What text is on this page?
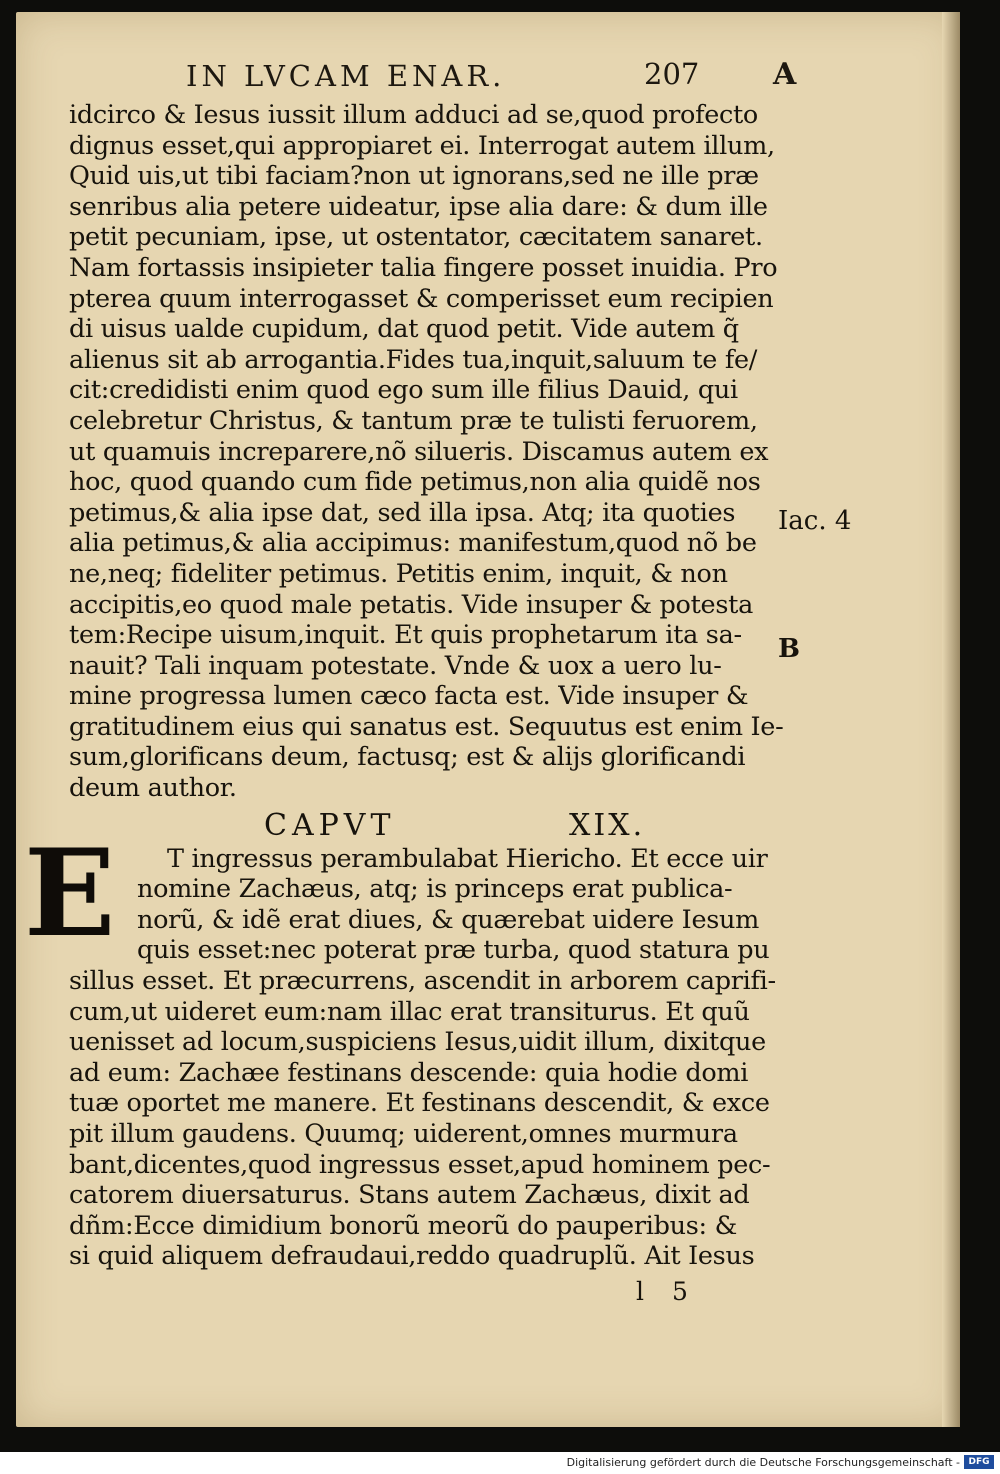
IN LVCAM ENAR.	207 A
idcirco & Iesus iussit illum adduci ad se,quod profecto
dignus esset,qui appropiaret ei. Interrogat autem illum,
Quid uis,ut tibi faciam?non ut ignorans,sed ne ille præ
senribus alia petere uideatur, ipse alia dare: & dum ille
petit pecuniam, ipse, ut ostentator, cæcitatem sanaret.
Nam fortassis insipieter talia fingere posset inuidia. Pro
pterea quum interrogasset & comperisset eum recipien
di uisus ualde cupidum, dat quod petit. Vide autem q̃
alienus sit ab arrogantia.Fides tua,inquit,saluum te fe/
cit:credidisti enim quod ego sum ille filius Dauid, qui
celebretur Christus, & tantum præ te tulisti feruorem,
ut quamuis increparere,nõ silueris. Discamus autem ex
hoc, quod quando cum fide petimus,non alia quidẽ nos
petimus,& alia ipse dat, sed illa ipsa. Atq; ita quoties
alia petimus,& alia accipimus: manifestum,quod nõ be
ne,neq; fideliter petimus. Petitis enim, inquit, & non
accipitis,eo quod male petatis. Vide insuper & potesta
tem:Recipe uisum,inquit. Et quis prophetarum ita sa-
nauit? Tali inquam potestate. Vnde & uox a uero lu-
mine progressa lumen cæco facta est. Vide insuper &
gratitudinem eius qui sanatus est. Sequutus est enim Ie-
sum,glorificans deum, factusq; est & alijs glorificandi
deum author.
CAPVT	XIX.
T ingressus perambulabat Hiericho. Et ecce uir
nomine Zachæus, atq; is princeps erat publica-
norũ, & idẽ erat diues, & quærebat uidere Iesum
quis esset:nec poterat præ turba, quod statura pu
sillus esset. Et præcurrens, ascendit in arborem caprifi-
cum,ut uideret eum:nam illac erat transiturus. Et quũ
uenisset ad locum,suspiciens Iesus,uidit illum, dixitque
ad eum: Zachæe festinans descende: quia hodie domi
tuæ oportet me manere. Et festinans descendit, & exce
pit illum gaudens. Quumq; uiderent,omnes murmura
bant,dicentes,quod ingressus esset,apud hominem pec-
catorem diuersaturus. Stans autem Zachæus, dixit ad
dñm:Ecce dimidium bonorũ meorũ do pauperibus: &
si quid aliquem defraudaui,reddo quadruplũ. Ait Iesus
E
Iac. 4
B
l 5
Digitalisierung gefördert durch die Deutsche Forschungsgemeinschaft - DFG
